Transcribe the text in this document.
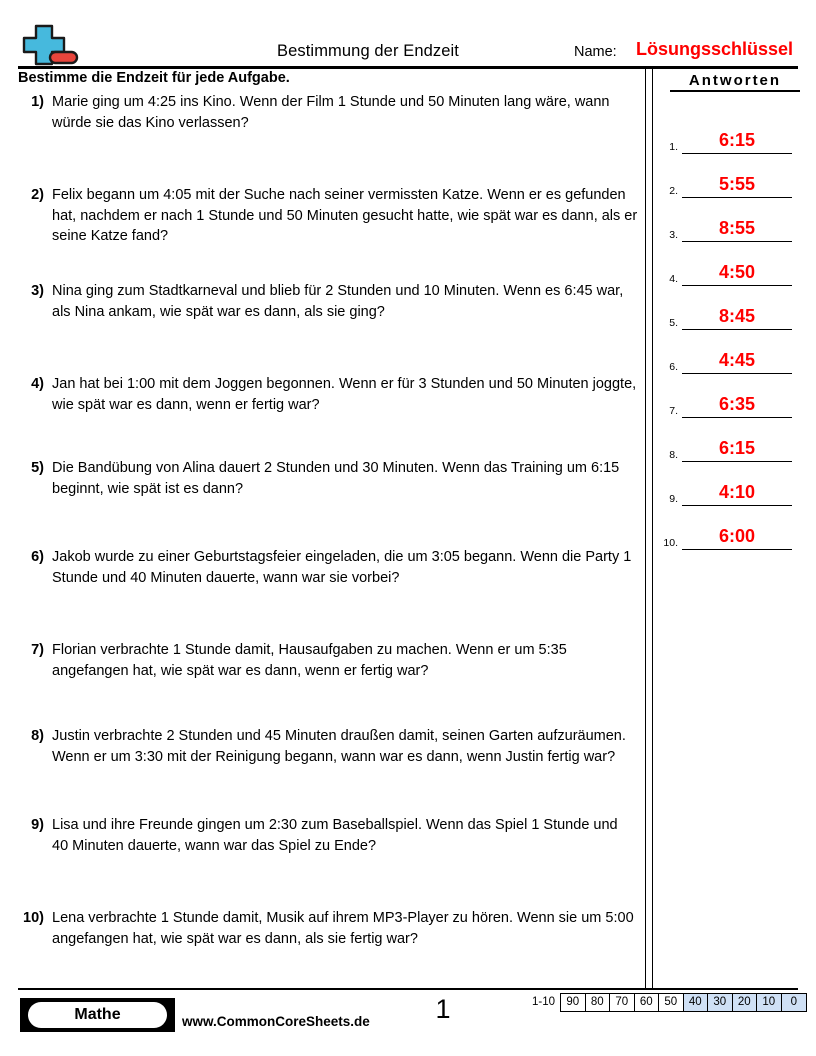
Bestimmung der Endzeit	Name: Lösungsschlüssel
Bestimme die Endzeit für jede Aufgabe.
1) Marie ging um 4:25 ins Kino. Wenn der Film 1 Stunde und 50 Minuten lang wäre, wann würde sie das Kino verlassen?
2) Felix begann um 4:05 mit der Suche nach seiner vermissten Katze. Wenn er es gefunden hat, nachdem er nach 1 Stunde und 50 Minuten gesucht hatte, wie spät war es dann, als er seine Katze fand?
3) Nina ging zum Stadtkarneval und blieb für 2 Stunden und 10 Minuten. Wenn es 6:45 war, als Nina ankam, wie spät war es dann, als sie ging?
4) Jan hat bei 1:00 mit dem Joggen begonnen. Wenn er für 3 Stunden und 50 Minuten joggte, wie spät war es dann, wenn er fertig war?
5) Die Bandübung von Alina dauert 2 Stunden und 30 Minuten. Wenn das Training um 6:15 beginnt, wie spät ist es dann?
6) Jakob wurde zu einer Geburtstagsfeier eingeladen, die um 3:05 begann. Wenn die Party 1 Stunde und 40 Minuten dauerte, wann war sie vorbei?
7) Florian verbrachte 1 Stunde damit, Hausaufgaben zu machen. Wenn er um 5:35 angefangen hat, wie spät war es dann, wenn er fertig war?
8) Justin verbrachte 2 Stunden und 45 Minuten draußen damit, seinen Garten aufzuräumen. Wenn er um 3:30 mit der Reinigung begann, wann war es dann, wenn Justin fertig war?
9) Lisa und ihre Freunde gingen um 2:30 zum Baseballspiel. Wenn das Spiel 1 Stunde und 40 Minuten dauerte, wann war das Spiel zu Ende?
10) Lena verbrachte 1 Stunde damit, Musik auf ihrem MP3-Player zu hören. Wenn sie um 5:00 angefangen hat, wie spät war es dann, als sie fertig war?
Antworten
1.	6:15
2.	5:55
3.	8:55
4.	4:50
5.	8:45
6.	4:45
7.	6:35
8.	6:15
9.	4:10
10.	6:00
Mathe	www.CommonCoreSheets.de	1	1-10 90	80	70	60	50	40	30	20	10	0
